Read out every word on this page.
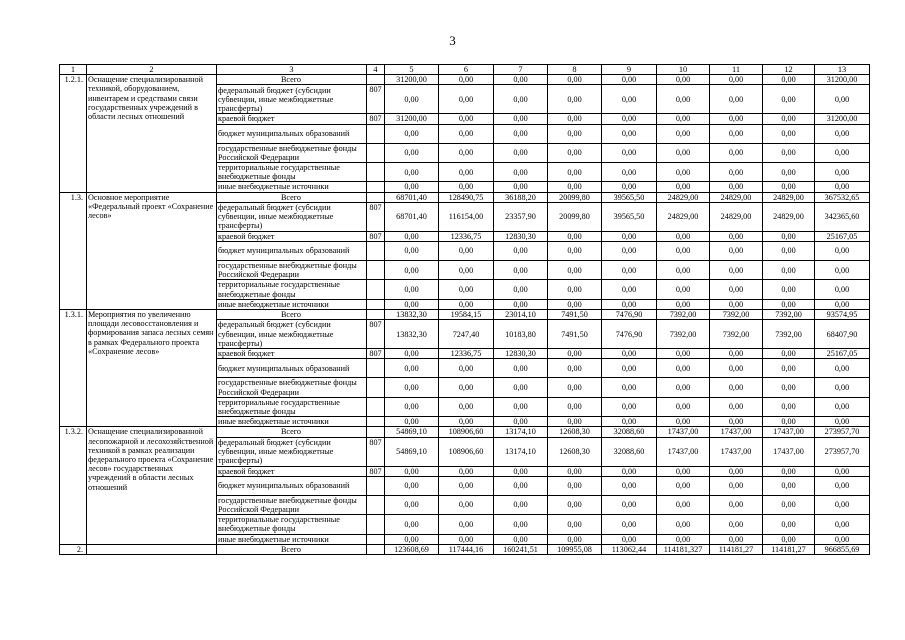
3
1	2	3	4	5	6	7	8	9	10	11	12	13
1.2.1.	Оснащение специализированной техникой, оборудованием, инвентарем и средствами связи государственных учреждений в области лесных отношений	Всего		31200,00	0,00	0,00	0,00	0,00	0,00	0,00	0,00	31200,00
		федеральный бюджет (субсидии субвенции, иные межбюджетные трансферты)	807	0,00	0,00	0,00	0,00	0,00	0,00	0,00	0,00	0,00
		краевой бюджет	807	31200,00	0,00	0,00	0,00	0,00	0,00	0,00	0,00	31200,00
		бюджет муниципальных образований		0,00	0,00	0,00	0,00	0,00	0,00	0,00	0,00	0,00
		государственные внебюджетные фонды Российской Федерации		0,00	0,00	0,00	0,00	0,00	0,00	0,00	0,00	0,00
		территориальные государственные внебюджетные фонды		0,00	0,00	0,00	0,00	0,00	0,00	0,00	0,00	0,00
		иные внебюджетные источники		0,00	0,00	0,00	0,00	0,00	0,00	0,00	0,00	0,00
1.3.	Основное мероприятие «Федеральный проект «Сохранение лесов»	Всего		68701,40	128490,75	36188,20	20099,80	39565,50	24829,00	24829,00	24829,00	367532,65
		федеральный бюджет (субсидии субвенции, иные межбюджетные трансферты)	807	68701,40	116154,00	23357,90	20099,80	39565,50	24829,00	24829,00	24829,00	342365,60
		краевой бюджет	807	0,00	12336,75	12830,30	0,00	0,00	0,00	0,00	0,00	25167,05
		бюджет муниципальных образований		0,00	0,00	0,00	0,00	0,00	0,00	0,00	0,00	0,00
		государственные внебюджетные фонды Российской Федерации		0,00	0,00	0,00	0,00	0,00	0,00	0,00	0,00	0,00
		территориальные государственные внебюджетные фонды		0,00	0,00	0,00	0,00	0,00	0,00	0,00	0,00	0,00
		иные внебюджетные источники		0,00	0,00	0,00	0,00	0,00	0,00	0,00	0,00	0,00
1.3.1.	Мероприятия по увеличению площади лесовосстановления и формирования запаса лесных семян в рамках Федерального проекта «Сохранение лесов»	Всего		13832,30	19584,15	23014,10	7491,50	7476,90	7392,00	7392,00	7392,00	93574,95
		федеральный бюджет (субсидии субвенции, иные межбюджетные трансферты)	807	13832,30	7247,40	10183,80	7491,50	7476,90	7392,00	7392,00	7392,00	68407,90
		краевой бюджет	807	0,00	12336,75	12830,30	0,00	0,00	0,00	0,00	0,00	25167,05
		бюджет муниципальных образований		0,00	0,00	0,00	0,00	0,00	0,00	0,00	0,00	0,00
		государственные внебюджетные фонды Российской Федерации		0,00	0,00	0,00	0,00	0,00	0,00	0,00	0,00	0,00
		территориальные государственные внебюджетные фонды		0,00	0,00	0,00	0,00	0,00	0,00	0,00	0,00	0,00
		иные внебюджетные источники		0,00	0,00	0,00	0,00	0,00	0,00	0,00	0,00	0,00
1.3.2.	Оснащение специализированной лесопожарной и лесохозяйственной техникой в рамках реализации федерального проекта «Сохранение лесов» государственных учреждений в области лесных отношений	Всего		54869,10	108906,60	13174,10	12608,30	32088,60	17437,00	17437,00	17437,00	273957,70
		федеральный бюджет (субсидии субвенции, иные межбюджетные трансферты)	807	54869,10	108906,60	13174,10	12608,30	32088,60	17437,00	17437,00	17437,00	273957,70
		краевой бюджет	807	0,00	0,00	0,00	0,00	0,00	0,00	0,00	0,00	0,00
		бюджет муниципальных образований		0,00	0,00	0,00	0,00	0,00	0,00	0,00	0,00	0,00
		государственные внебюджетные фонды Российской Федерации		0,00	0,00	0,00	0,00	0,00	0,00	0,00	0,00	0,00
		территориальные государственные внебюджетные фонды		0,00	0,00	0,00	0,00	0,00	0,00	0,00	0,00	0,00
		иные внебюджетные источники		0,00	0,00	0,00	0,00	0,00	0,00	0,00	0,00	0,00
2.		Всего		123608,69	117444,16	160241,51	109955,08	113062,44	114181,327	114181,27	114181,27	966855,69
